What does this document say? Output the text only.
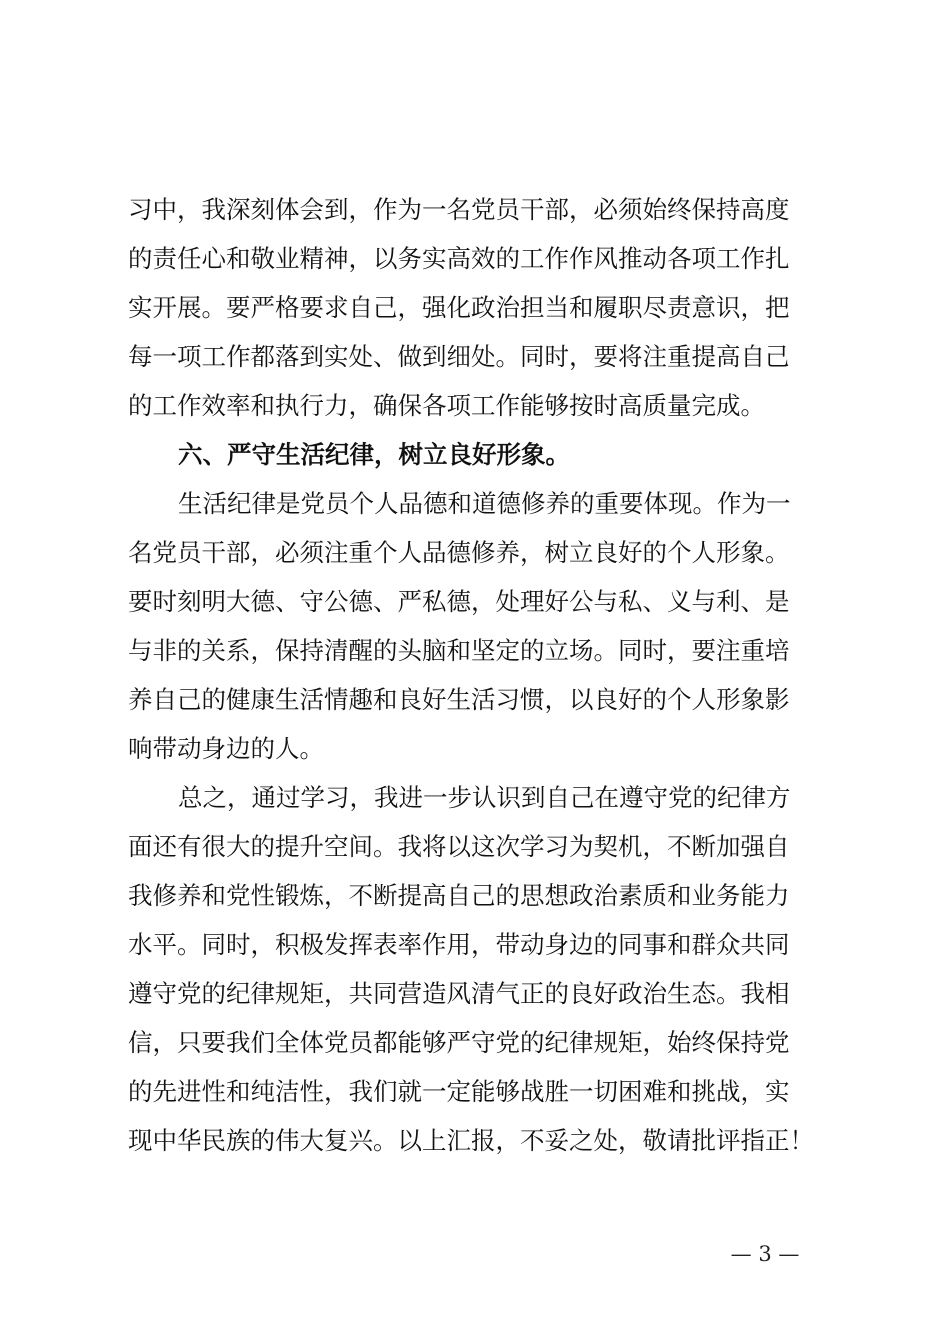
习中，我深刻体会到，作为一名党员干部，必须始终保持高度
的责任心和敬业精神，以务实高效的工作作风推动各项工作扎
实开展。要严格要求自己，强化政治担当和履职尽责意识，把
每一项工作都落到实处、做到细处。同时，要将注重提高自己
的工作效率和执行力，确保各项工作能够按时高质量完成。
六、严守生活纪律，树立良好形象。
生活纪律是党员个人品德和道德修养的重要体现。作为一
名党员干部，必须注重个人品德修养，树立良好的个人形象。
要时刻明大德、守公德、严私德，处理好公与私、义与利、是
与非的关系，保持清醒的头脑和坚定的立场。同时，要注重培
养自己的健康生活情趣和良好生活习惯，以良好的个人形象影
响带动身边的人。
总之，通过学习，我进一步认识到自己在遵守党的纪律方
面还有很大的提升空间。我将以这次学习为契机，不断加强自
我修养和党性锻炼，不断提高自己的思想政治素质和业务能力
水平。同时，积极发挥表率作用，带动身边的同事和群众共同
遵守党的纪律规矩，共同营造风清气正的良好政治生态。我相
信，只要我们全体党员都能够严守党的纪律规矩，始终保持党
的先进性和纯洁性，我们就一定能够战胜一切困难和挑战，实
现中华民族的伟大复兴。以上汇报，不妥之处，敬请批评指正！
— 3 —
